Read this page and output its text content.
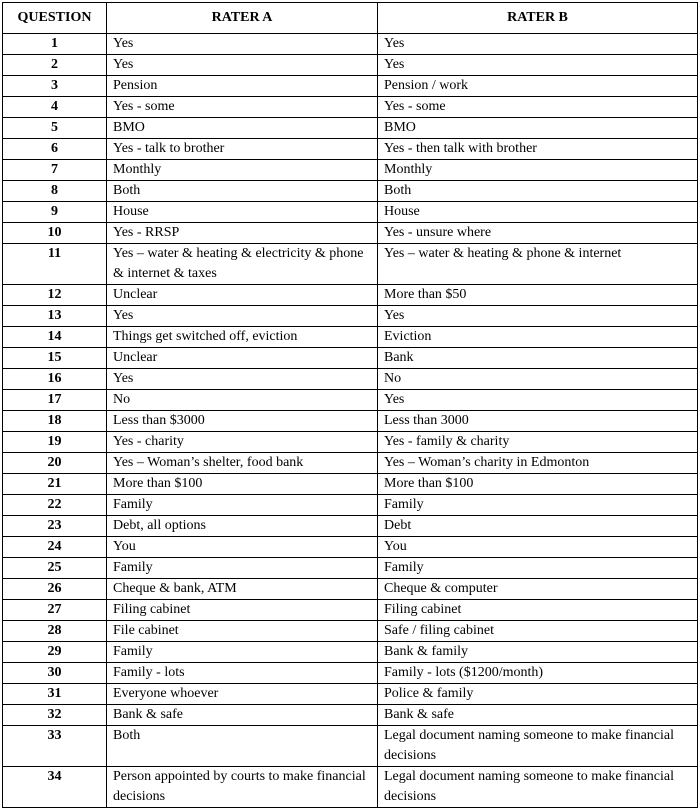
QUESTION	RATER A	RATER B
1	Yes	Yes
2	Yes	Yes
3	Pension	Pension / work
4	Yes - some	Yes - some
5	BMO	BMO
6	Yes - talk to brother	Yes - then talk with brother
7	Monthly	Monthly
8	Both	Both
9	House	House
10	Yes - RRSP	Yes - unsure where
11	Yes – water & heating & electricity & phone & internet & taxes	Yes – water & heating & phone & internet
12	Unclear	More than $50
13	Yes	Yes
14	Things get switched off, eviction	Eviction
15	Unclear	Bank
16	Yes	No
17	No	Yes
18	Less than $3000	Less than 3000
19	Yes - charity	Yes - family & charity
20	Yes – Woman’s shelter, food bank	Yes – Woman’s charity in Edmonton
21	More than $100	More than $100
22	Family	Family
23	Debt, all options	Debt
24	You	You
25	Family	Family
26	Cheque & bank, ATM	Cheque & computer
27	Filing cabinet	Filing cabinet
28	File cabinet	Safe / filing cabinet
29	Family	Bank & family
30	Family - lots	Family - lots ($1200/month)
31	Everyone whoever	Police & family
32	Bank & safe	Bank & safe
33	Both	Legal document naming someone to make financial decisions
34	Person appointed by courts to make financial decisions	Legal document naming someone to make financial decisions
